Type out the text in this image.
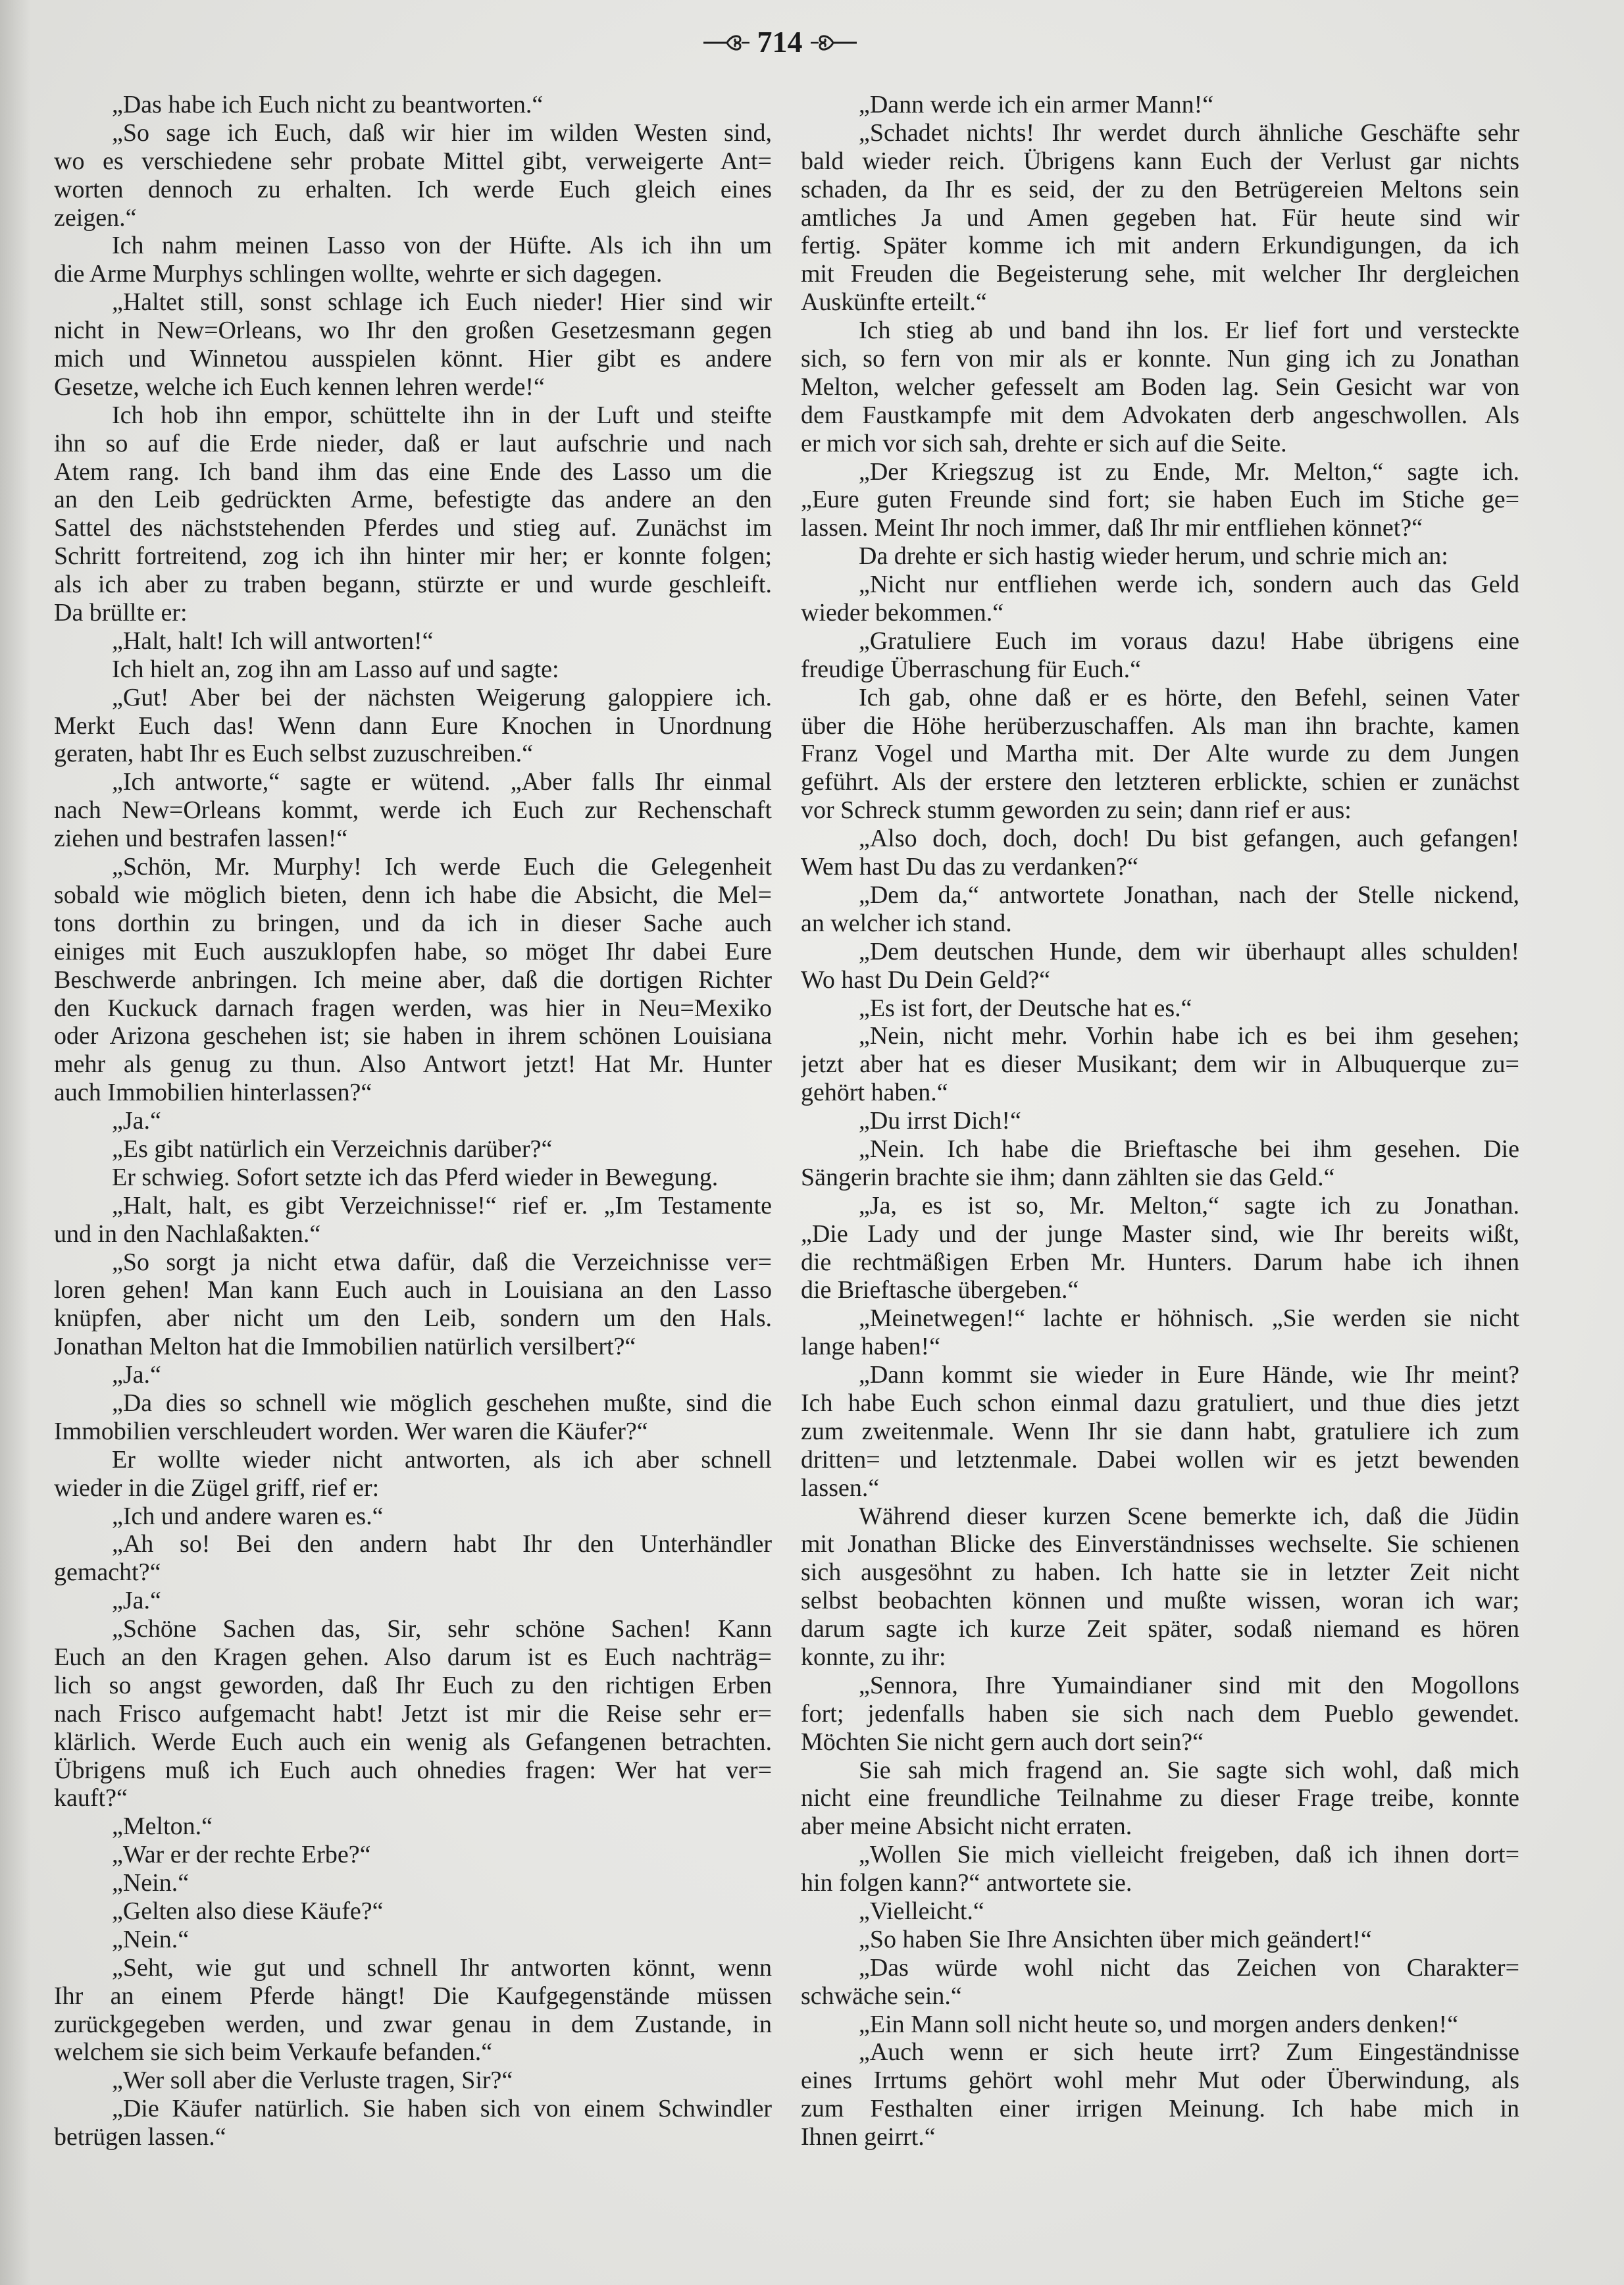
714
„Das habe ich Euch nicht zu beantworten.“
„So sage ich Euch, daß wir hier im wilden Westen sind,
wo es verschiedene sehr probate Mittel gibt, verweigerte Ant=
worten dennoch zu erhalten. Ich werde Euch gleich eines
zeigen.“
Ich nahm meinen Lasso von der Hüfte. Als ich ihn um
die Arme Murphys schlingen wollte, wehrte er sich dagegen.
„Haltet still, sonst schlage ich Euch nieder! Hier sind wir
nicht in New=Orleans, wo Ihr den großen Gesetzesmann gegen
mich und Winnetou ausspielen könnt. Hier gibt es andere
Gesetze, welche ich Euch kennen lehren werde!“
Ich hob ihn empor, schüttelte ihn in der Luft und steifte
ihn so auf die Erde nieder, daß er laut aufschrie und nach
Atem rang. Ich band ihm das eine Ende des Lasso um die
an den Leib gedrückten Arme, befestigte das andere an den
Sattel des nächststehenden Pferdes und stieg auf. Zunächst im
Schritt fortreitend, zog ich ihn hinter mir her; er konnte folgen;
als ich aber zu traben begann, stürzte er und wurde geschleift.
Da brüllte er:
„Halt, halt! Ich will antworten!“
Ich hielt an, zog ihn am Lasso auf und sagte:
„Gut! Aber bei der nächsten Weigerung galoppiere ich.
Merkt Euch das! Wenn dann Eure Knochen in Unordnung
geraten, habt Ihr es Euch selbst zuzuschreiben.“
„Ich antworte,“ sagte er wütend. „Aber falls Ihr einmal
nach New=Orleans kommt, werde ich Euch zur Rechenschaft
ziehen und bestrafen lassen!“
„Schön, Mr. Murphy! Ich werde Euch die Gelegenheit
sobald wie möglich bieten, denn ich habe die Absicht, die Mel=
tons dorthin zu bringen, und da ich in dieser Sache auch
einiges mit Euch auszuklopfen habe, so möget Ihr dabei Eure
Beschwerde anbringen. Ich meine aber, daß die dortigen Richter
den Kuckuck darnach fragen werden, was hier in Neu=Mexiko
oder Arizona geschehen ist; sie haben in ihrem schönen Louisiana
mehr als genug zu thun. Also Antwort jetzt! Hat Mr. Hunter
auch Immobilien hinterlassen?“
„Ja.“
„Es gibt natürlich ein Verzeichnis darüber?“
Er schwieg. Sofort setzte ich das Pferd wieder in Bewegung.
„Halt, halt, es gibt Verzeichnisse!“ rief er. „Im Testamente
und in den Nachlaßakten.“
„So sorgt ja nicht etwa dafür, daß die Verzeichnisse ver=
loren gehen! Man kann Euch auch in Louisiana an den Lasso
knüpfen, aber nicht um den Leib, sondern um den Hals.
Jonathan Melton hat die Immobilien natürlich versilbert?“
„Ja.“
„Da dies so schnell wie möglich geschehen mußte, sind die
Immobilien verschleudert worden. Wer waren die Käufer?“
Er wollte wieder nicht antworten, als ich aber schnell
wieder in die Zügel griff, rief er:
„Ich und andere waren es.“
„Ah so! Bei den andern habt Ihr den Unterhändler
gemacht?“
„Ja.“
„Schöne Sachen das, Sir, sehr schöne Sachen! Kann
Euch an den Kragen gehen. Also darum ist es Euch nachträg=
lich so angst geworden, daß Ihr Euch zu den richtigen Erben
nach Frisco aufgemacht habt! Jetzt ist mir die Reise sehr er=
klärlich. Werde Euch auch ein wenig als Gefangenen betrachten.
Übrigens muß ich Euch auch ohnedies fragen: Wer hat ver=
kauft?“
„Melton.“
„War er der rechte Erbe?“
„Nein.“
„Gelten also diese Käufe?“
„Nein.“
„Seht, wie gut und schnell Ihr antworten könnt, wenn
Ihr an einem Pferde hängt! Die Kaufgegenstände müssen
zurückgegeben werden, und zwar genau in dem Zustande, in
welchem sie sich beim Verkaufe befanden.“
„Wer soll aber die Verluste tragen, Sir?“
„Die Käufer natürlich. Sie haben sich von einem Schwindler
betrügen lassen.“
„Dann werde ich ein armer Mann!“
„Schadet nichts! Ihr werdet durch ähnliche Geschäfte sehr
bald wieder reich. Übrigens kann Euch der Verlust gar nichts
schaden, da Ihr es seid, der zu den Betrügereien Meltons sein
amtliches Ja und Amen gegeben hat. Für heute sind wir
fertig. Später komme ich mit andern Erkundigungen, da ich
mit Freuden die Begeisterung sehe, mit welcher Ihr dergleichen
Auskünfte erteilt.“
Ich stieg ab und band ihn los. Er lief fort und versteckte
sich, so fern von mir als er konnte. Nun ging ich zu Jonathan
Melton, welcher gefesselt am Boden lag. Sein Gesicht war von
dem Faustkampfe mit dem Advokaten derb angeschwollen. Als
er mich vor sich sah, drehte er sich auf die Seite.
„Der Kriegszug ist zu Ende, Mr. Melton,“ sagte ich.
„Eure guten Freunde sind fort; sie haben Euch im Stiche ge=
lassen. Meint Ihr noch immer, daß Ihr mir entfliehen könnet?“
Da drehte er sich hastig wieder herum, und schrie mich an:
„Nicht nur entfliehen werde ich, sondern auch das Geld
wieder bekommen.“
„Gratuliere Euch im voraus dazu! Habe übrigens eine
freudige Überraschung für Euch.“
Ich gab, ohne daß er es hörte, den Befehl, seinen Vater
über die Höhe herüberzuschaffen. Als man ihn brachte, kamen
Franz Vogel und Martha mit. Der Alte wurde zu dem Jungen
geführt. Als der erstere den letzteren erblickte, schien er zunächst
vor Schreck stumm geworden zu sein; dann rief er aus:
„Also doch, doch, doch! Du bist gefangen, auch gefangen!
Wem hast Du das zu verdanken?“
„Dem da,“ antwortete Jonathan, nach der Stelle nickend,
an welcher ich stand.
„Dem deutschen Hunde, dem wir überhaupt alles schulden!
Wo hast Du Dein Geld?“
„Es ist fort, der Deutsche hat es.“
„Nein, nicht mehr. Vorhin habe ich es bei ihm gesehen;
jetzt aber hat es dieser Musikant; dem wir in Albuquerque zu=
gehört haben.“
„Du irrst Dich!“
„Nein. Ich habe die Brieftasche bei ihm gesehen. Die
Sängerin brachte sie ihm; dann zählten sie das Geld.“
„Ja, es ist so, Mr. Melton,“ sagte ich zu Jonathan.
„Die Lady und der junge Master sind, wie Ihr bereits wißt,
die rechtmäßigen Erben Mr. Hunters. Darum habe ich ihnen
die Brieftasche übergeben.“
„Meinetwegen!“ lachte er höhnisch. „Sie werden sie nicht
lange haben!“
„Dann kommt sie wieder in Eure Hände, wie Ihr meint?
Ich habe Euch schon einmal dazu gratuliert, und thue dies jetzt
zum zweitenmale. Wenn Ihr sie dann habt, gratuliere ich zum
dritten= und letztenmale. Dabei wollen wir es jetzt bewenden
lassen.“
Während dieser kurzen Scene bemerkte ich, daß die Jüdin
mit Jonathan Blicke des Einverständnisses wechselte. Sie schienen
sich ausgesöhnt zu haben. Ich hatte sie in letzter Zeit nicht
selbst beobachten können und mußte wissen, woran ich war;
darum sagte ich kurze Zeit später, sodaß niemand es hören
konnte, zu ihr:
„Sennora, Ihre Yumaindianer sind mit den Mogollons
fort; jedenfalls haben sie sich nach dem Pueblo gewendet.
Möchten Sie nicht gern auch dort sein?“
Sie sah mich fragend an. Sie sagte sich wohl, daß mich
nicht eine freundliche Teilnahme zu dieser Frage treibe, konnte
aber meine Absicht nicht erraten.
„Wollen Sie mich vielleicht freigeben, daß ich ihnen dort=
hin folgen kann?“ antwortete sie.
„Vielleicht.“
„So haben Sie Ihre Ansichten über mich geändert!“
„Das würde wohl nicht das Zeichen von Charakter=
schwäche sein.“
„Ein Mann soll nicht heute so, und morgen anders denken!“
„Auch wenn er sich heute irrt? Zum Eingeständnisse
eines Irrtums gehört wohl mehr Mut oder Überwindung, als
zum Festhalten einer irrigen Meinung. Ich habe mich in
Ihnen geirrt.“
